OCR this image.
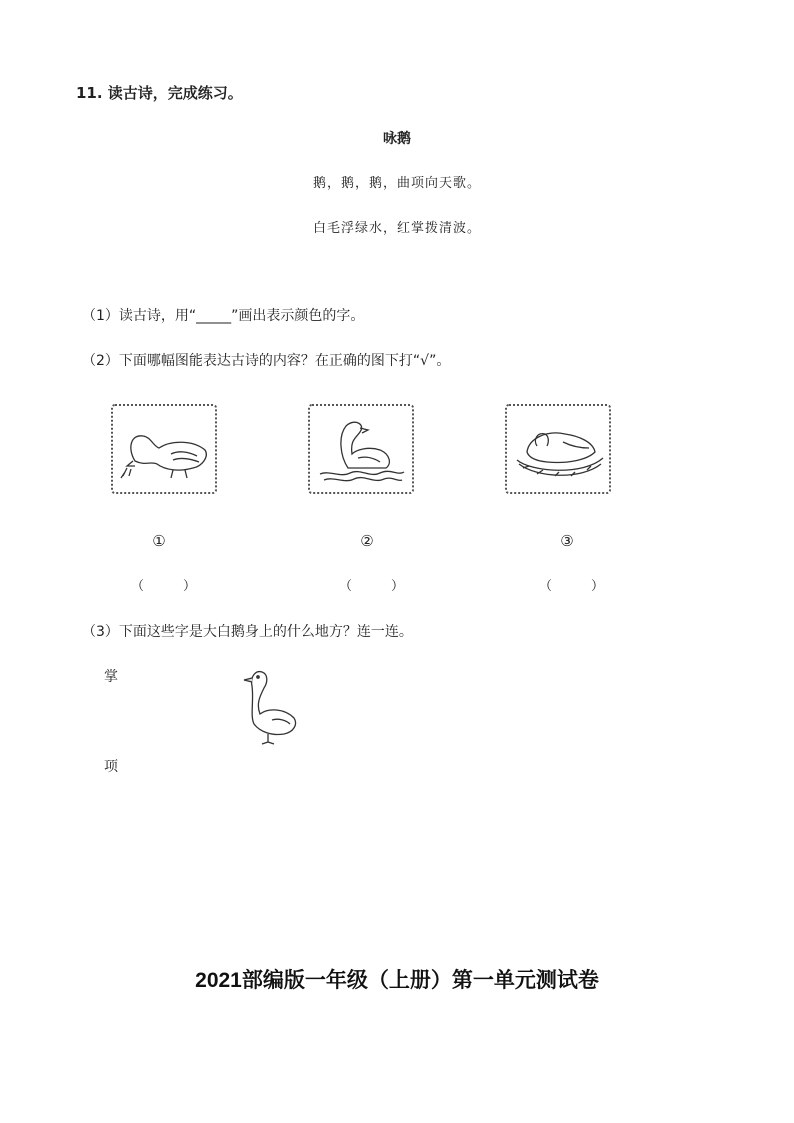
11. 读古诗，完成练习。
咏鹅
鹅，鹅，鹅，曲项向天歌。
白毛浮绿水，红掌拨清波。
（1）读古诗，用“_____”画出表示颜色的字。
（2）下面哪幅图能表达古诗的内容？在正确的图下打“√”。
①	②	③
（　　　）	（　　　）	（　　　）
（3）下面这些字是大白鹅身上的什么地方？连一连。
掌
项
2021部编版一年级（上册）第一单元测试卷
